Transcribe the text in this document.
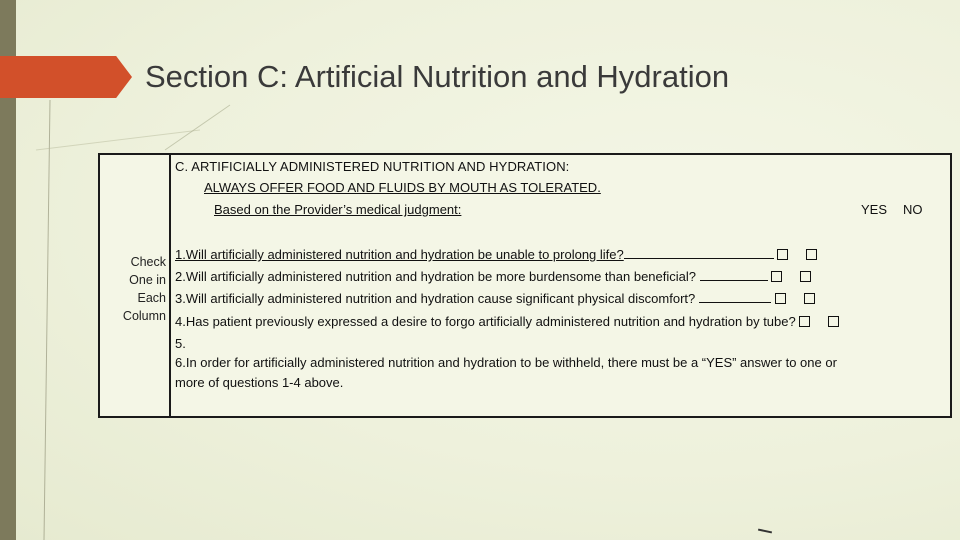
Section C: Artificial Nutrition and Hydration
Check
One in
Each
Column
C. ARTIFICIALLY ADMINISTERED NUTRITION AND HYDRATION:
ALWAYS OFFER FOOD AND FLUIDS BY MOUTH AS TOLERATED.
Based on the Provider’s medical judgment:	YES NO
1.Will artificially administered nutrition and hydration be unable to prolong life?
2.Will artificially administered nutrition and hydration be more burdensome than beneficial?
3.Will artificially administered nutrition and hydration cause significant physical discomfort?
4.Has patient previously expressed a desire to forgo artificially administered nutrition and hydration by tube?
5.
6.In order for artificially administered nutrition and hydration to be withheld, there must be a “YES” answer to one or
more of questions 1-4 above.
